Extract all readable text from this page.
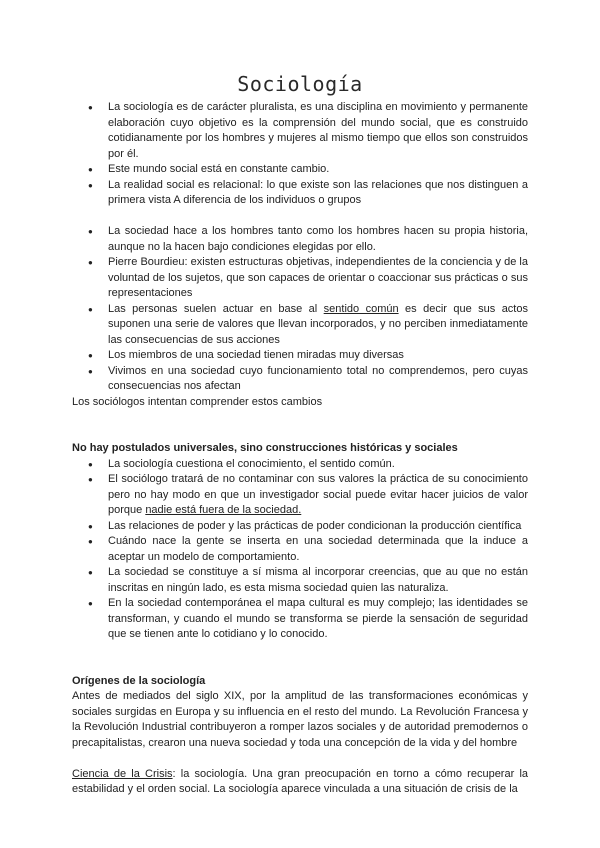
Sociología
● La sociología es de carácter pluralista, es una disciplina en movimiento y permanente elaboración cuyo objetivo es la comprensión del mundo social, que es construido cotidianamente por los hombres y mujeres al mismo tiempo que ellos son construidos por él.
● Este mundo social está en constante cambio.
● La realidad social es relacional: lo que existe son las relaciones que nos distinguen a primera vista A diferencia de los individuos o grupos
● La sociedad hace a los hombres tanto como los hombres hacen su propia historia, aunque no la hacen bajo condiciones elegidas por ello.
● Pierre Bourdieu: existen estructuras objetivas, independientes de la conciencia y de la voluntad de los sujetos, que son capaces de orientar o coaccionar sus prácticas o sus representaciones
● Las personas suelen actuar en base al sentido común es decir que sus actos suponen una serie de valores que llevan incorporados, y no perciben inmediatamente las consecuencias de sus acciones
● Los miembros de una sociedad tienen miradas muy diversas
● Vivimos en una sociedad cuyo funcionamiento total no comprendemos, pero cuyas consecuencias nos afectan

Los sociólogos intentan comprender estos cambios

No hay postulados universales, sino construcciones históricas y sociales

● La sociología cuestiona el conocimiento, el sentido común.
● El sociólogo tratará de no contaminar con sus valores la práctica de su conocimiento pero no hay modo en que un investigador social puede evitar hacer juicios de valor porque nadie está fuera de la sociedad.
● Las relaciones de poder y las prácticas de poder condicionan la producción científica
● Cuándo nace la gente se inserta en una sociedad determinada que la induce a aceptar un modelo de comportamiento.
● La sociedad se constituye a sí misma al incorporar creencias, que au que no están inscritas en ningún lado, es esta misma sociedad quien las naturaliza.
● En la sociedad contemporánea el mapa cultural es muy complejo; las identidades se transforman, y cuando el mundo se transforma se pierde la sensación de seguridad que se tienen ante lo cotidiano y lo conocido.

Orígenes de la sociología

Antes de mediados del siglo XIX, por la amplitud de las transformaciones económicas y sociales surgidas en Europa y su influencia en el resto del mundo. La Revolución Francesa y la Revolución Industrial contribuyeron a romper lazos sociales y de autoridad premodernos o precapitalistas, crearon una nueva sociedad y toda una concepción de la vida y del hombre

Ciencia de la Crisis: la sociología. Una gran preocupación en torno a cómo recuperar la estabilidad y el orden social. La sociología aparece vinculada a una situación de crisis de la
